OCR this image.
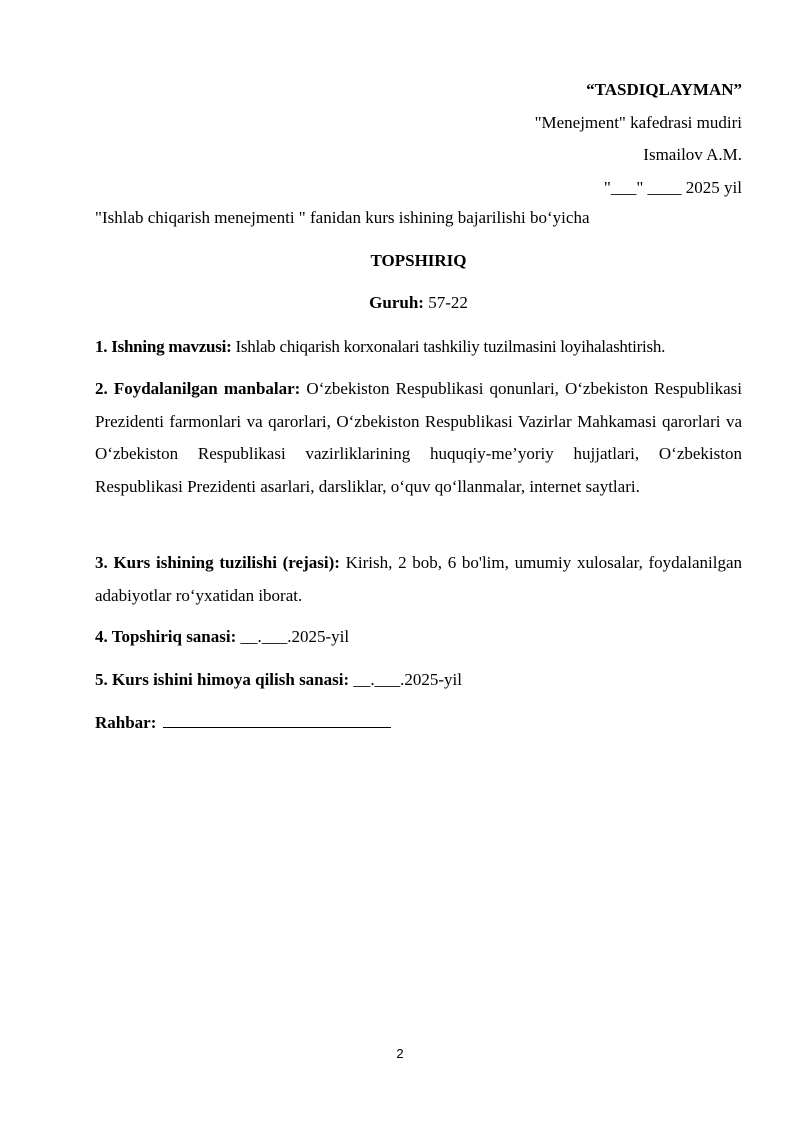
“TASDIQLAYMAN”
"Menejment" kafedrasi mudiri
Ismailov A.M.
"___" ____ 2025 yil
"Ishlab chiqarish menejmenti " fanidan kurs ishining bajarilishi bo‘yicha
TOPSHIRIQ
Guruh: 57-22

1. Ishning mavzusi: Ishlab chiqarish korxonalari tashkiliy tuzilmasini loyihalashtirish.

2. Foydalanilgan manbalar: O‘zbekiston Respublikasi qonunlari, O‘zbekiston Respublikasi Prezidenti farmonlari va qarorlari, O‘zbekiston Respublikasi Vazirlar Mahkamasi qarorlari va O‘zbekiston Respublikasi vazirliklarining huquqiy-me’yoriy hujjatlari, O‘zbekiston Respublikasi Prezidenti asarlari, darsliklar, o‘quv qo‘llanmalar, internet saytlari.

3. Kurs ishining tuzilishi (rejasi): Kirish, 2 bob, 6 bo'lim, umumiy xulosalar, foydalanilgan adabiyotlar ro‘yxatidan iborat.

4. Topshiriq sanasi: __.___.2025-yil

5. Kurs ishini himoya qilish sanasi: __.___.2025-yil

Rahbar:

2
